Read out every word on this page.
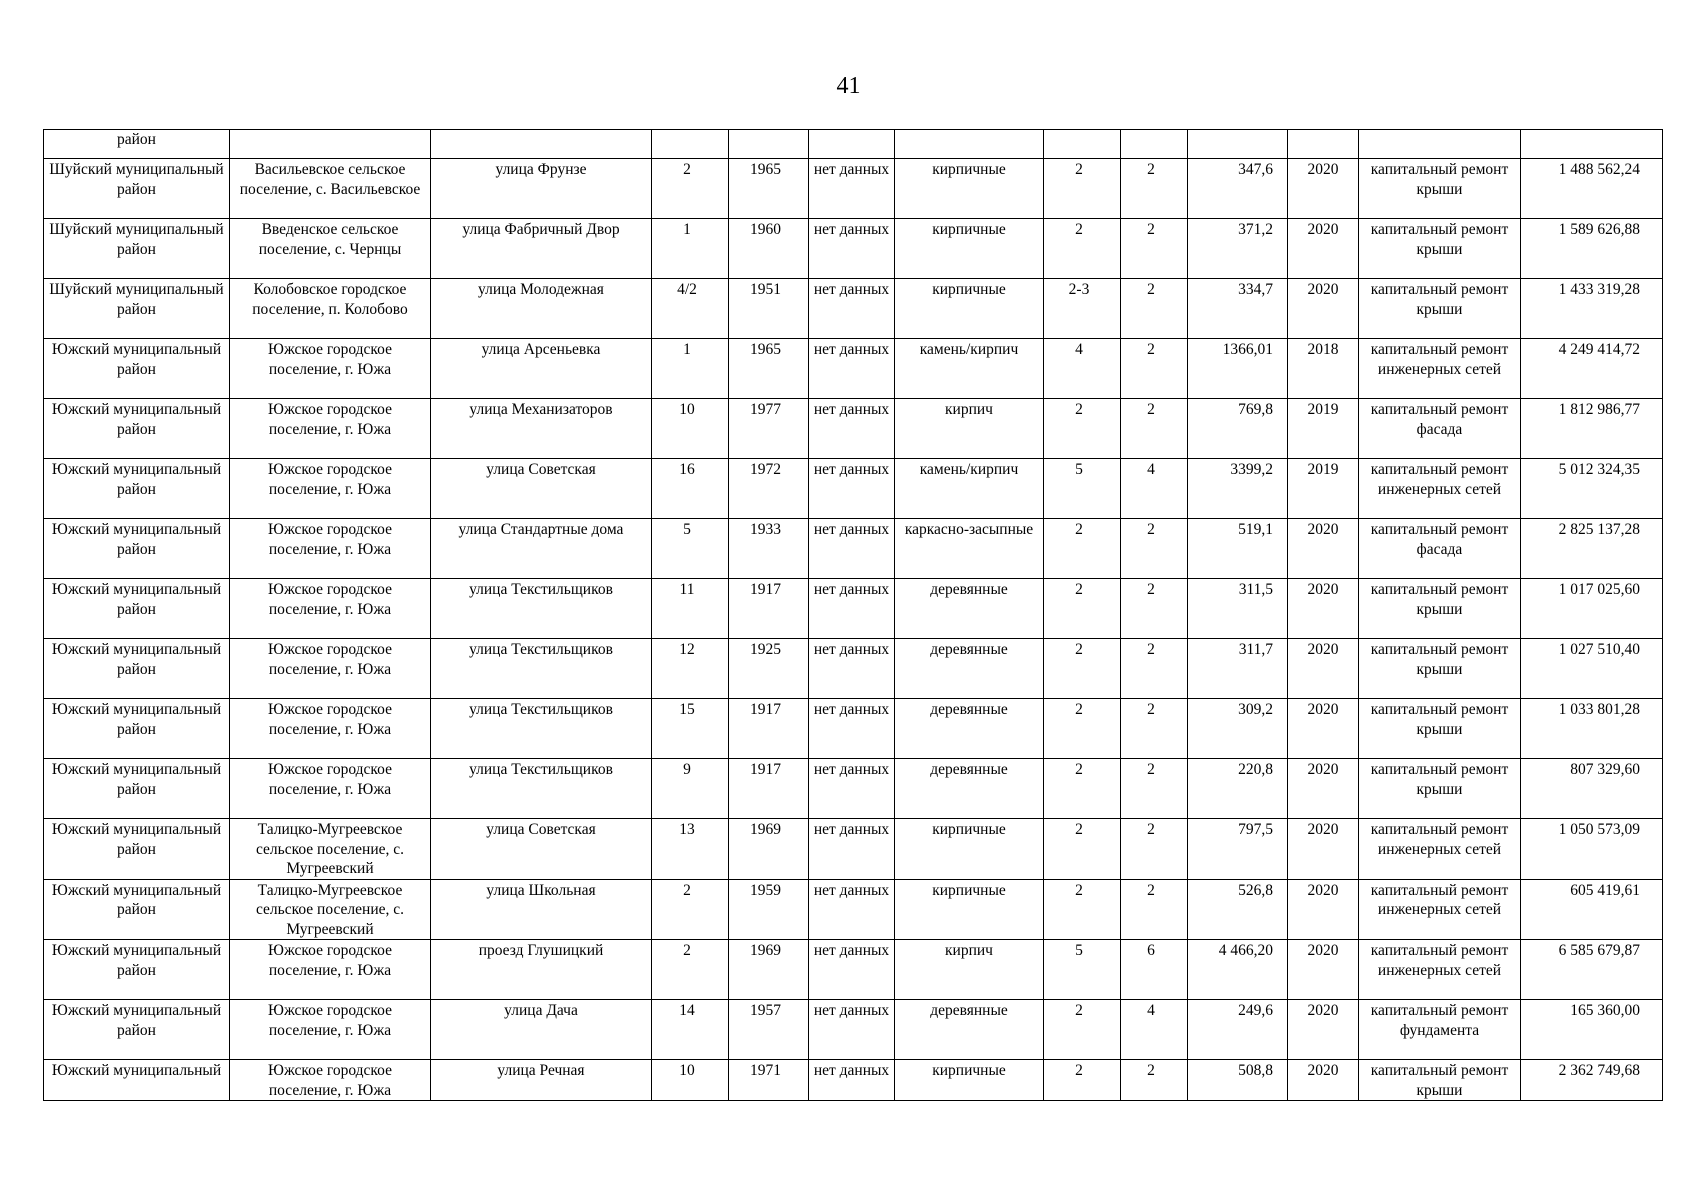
41
район												
Шуйский муниципальный район	Васильевское сельское поселение, с. Васильевское	улица Фрунзе	2	1965	нет данных	кирпичные	2	2	347,6	2020	капитальный ремонт крыши	1 488 562,24
Шуйский муниципальный район	Введенское сельское поселение, с. Чернцы	улица Фабричный Двор	1	1960	нет данных	кирпичные	2	2	371,2	2020	капитальный ремонт крыши	1 589 626,88
Шуйский муниципальный район	Колобовское городское поселение, п. Колобово	улица Молодежная	4/2	1951	нет данных	кирпичные	2-3	2	334,7	2020	капитальный ремонт крыши	1 433 319,28
Южский муниципальный район	Южское городское поселение, г. Южа	улица Арсеньевка	1	1965	нет данных	камень/кирпич	4	2	1366,01	2018	капитальный ремонт инженерных сетей	4 249 414,72
Южский муниципальный район	Южское городское поселение, г. Южа	улица Механизаторов	10	1977	нет данных	кирпич	2	2	769,8	2019	капитальный ремонт фасада	1 812 986,77
Южский муниципальный район	Южское городское поселение, г. Южа	улица Советская	16	1972	нет данных	камень/кирпич	5	4	3399,2	2019	капитальный ремонт инженерных сетей	5 012 324,35
Южский муниципальный район	Южское городское поселение, г. Южа	улица Стандартные дома	5	1933	нет данных	каркасно-засыпные	2	2	519,1	2020	капитальный ремонт фасада	2 825 137,28
Южский муниципальный район	Южское городское поселение, г. Южа	улица Текстильщиков	11	1917	нет данных	деревянные	2	2	311,5	2020	капитальный ремонт крыши	1 017 025,60
Южский муниципальный район	Южское городское поселение, г. Южа	улица Текстильщиков	12	1925	нет данных	деревянные	2	2	311,7	2020	капитальный ремонт крыши	1 027 510,40
Южский муниципальный район	Южское городское поселение, г. Южа	улица Текстильщиков	15	1917	нет данных	деревянные	2	2	309,2	2020	капитальный ремонт крыши	1 033 801,28
Южский муниципальный район	Южское городское поселение, г. Южа	улица Текстильщиков	9	1917	нет данных	деревянные	2	2	220,8	2020	капитальный ремонт крыши	807 329,60
Южский муниципальный район	Талицко-Мугреевское сельское поселение, с. Мугреевский	улица Советская	13	1969	нет данных	кирпичные	2	2	797,5	2020	капитальный ремонт инженерных сетей	1 050 573,09
Южский муниципальный район	Талицко-Мугреевское сельское поселение, с. Мугреевский	улица Школьная	2	1959	нет данных	кирпичные	2	2	526,8	2020	капитальный ремонт инженерных сетей	605 419,61
Южский муниципальный район	Южское городское поселение, г. Южа	проезд Глушицкий	2	1969	нет данных	кирпич	5	6	4 466,20	2020	капитальный ремонт инженерных сетей	6 585 679,87
Южский муниципальный район	Южское городское поселение, г. Южа	улица Дача	14	1957	нет данных	деревянные	2	4	249,6	2020	капитальный ремонт фундамента	165 360,00
Южский муниципальный	Южское городское поселение, г. Южа	улица Речная	10	1971	нет данных	кирпичные	2	2	508,8	2020	капитальный ремонт крыши	2 362 749,68
